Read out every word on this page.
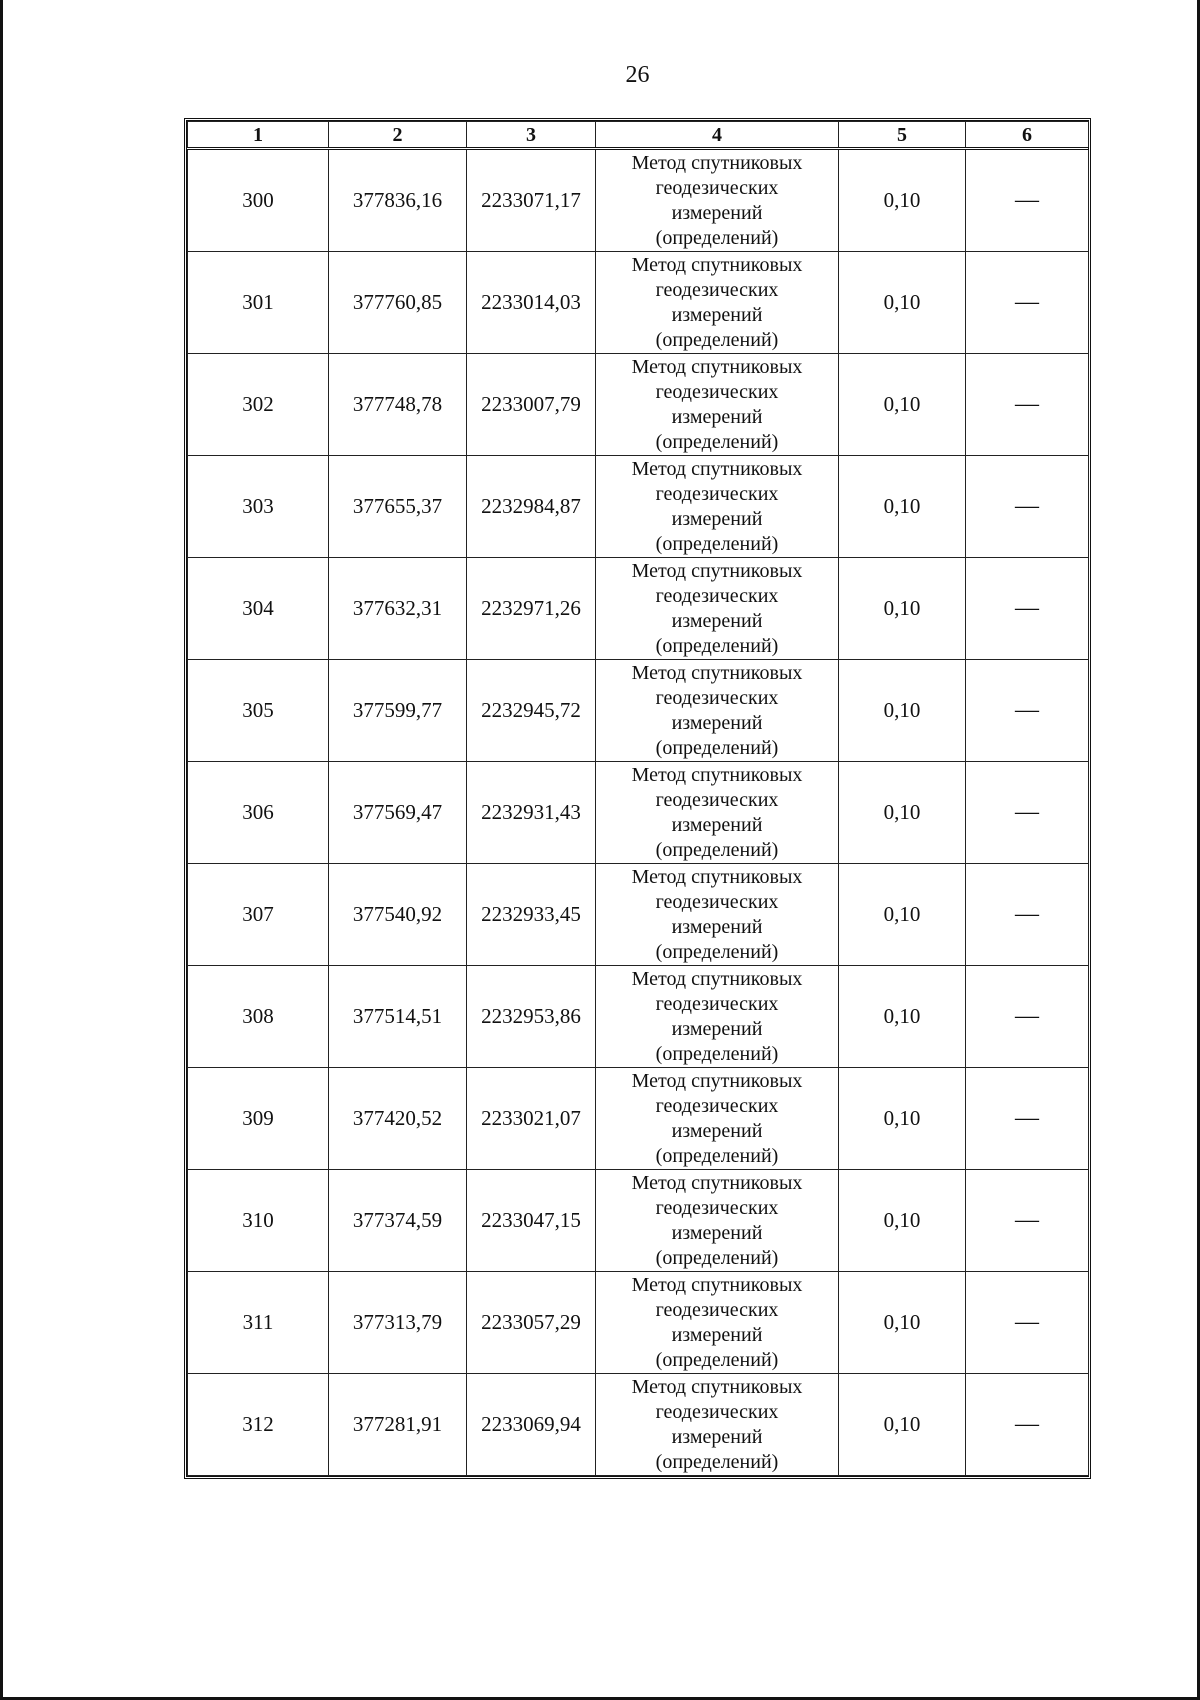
26
1	2	3	4	5	6
300	377836,16	2233071,17	Метод спутниковых
геодезических
измерений
(определений)	0,10	—
301	377760,85	2233014,03	Метод спутниковых
геодезических
измерений
(определений)	0,10	—
302	377748,78	2233007,79	Метод спутниковых
геодезических
измерений
(определений)	0,10	—
303	377655,37	2232984,87	Метод спутниковых
геодезических
измерений
(определений)	0,10	—
304	377632,31	2232971,26	Метод спутниковых
геодезических
измерений
(определений)	0,10	—
305	377599,77	2232945,72	Метод спутниковых
геодезических
измерений
(определений)	0,10	—
306	377569,47	2232931,43	Метод спутниковых
геодезических
измерений
(определений)	0,10	—
307	377540,92	2232933,45	Метод спутниковых
геодезических
измерений
(определений)	0,10	—
308	377514,51	2232953,86	Метод спутниковых
геодезических
измерений
(определений)	0,10	—
309	377420,52	2233021,07	Метод спутниковых
геодезических
измерений
(определений)	0,10	—
310	377374,59	2233047,15	Метод спутниковых
геодезических
измерений
(определений)	0,10	—
311	377313,79	2233057,29	Метод спутниковых
геодезических
измерений
(определений)	0,10	—
312	377281,91	2233069,94	Метод спутниковых
геодезических
измерений
(определений)	0,10	—
